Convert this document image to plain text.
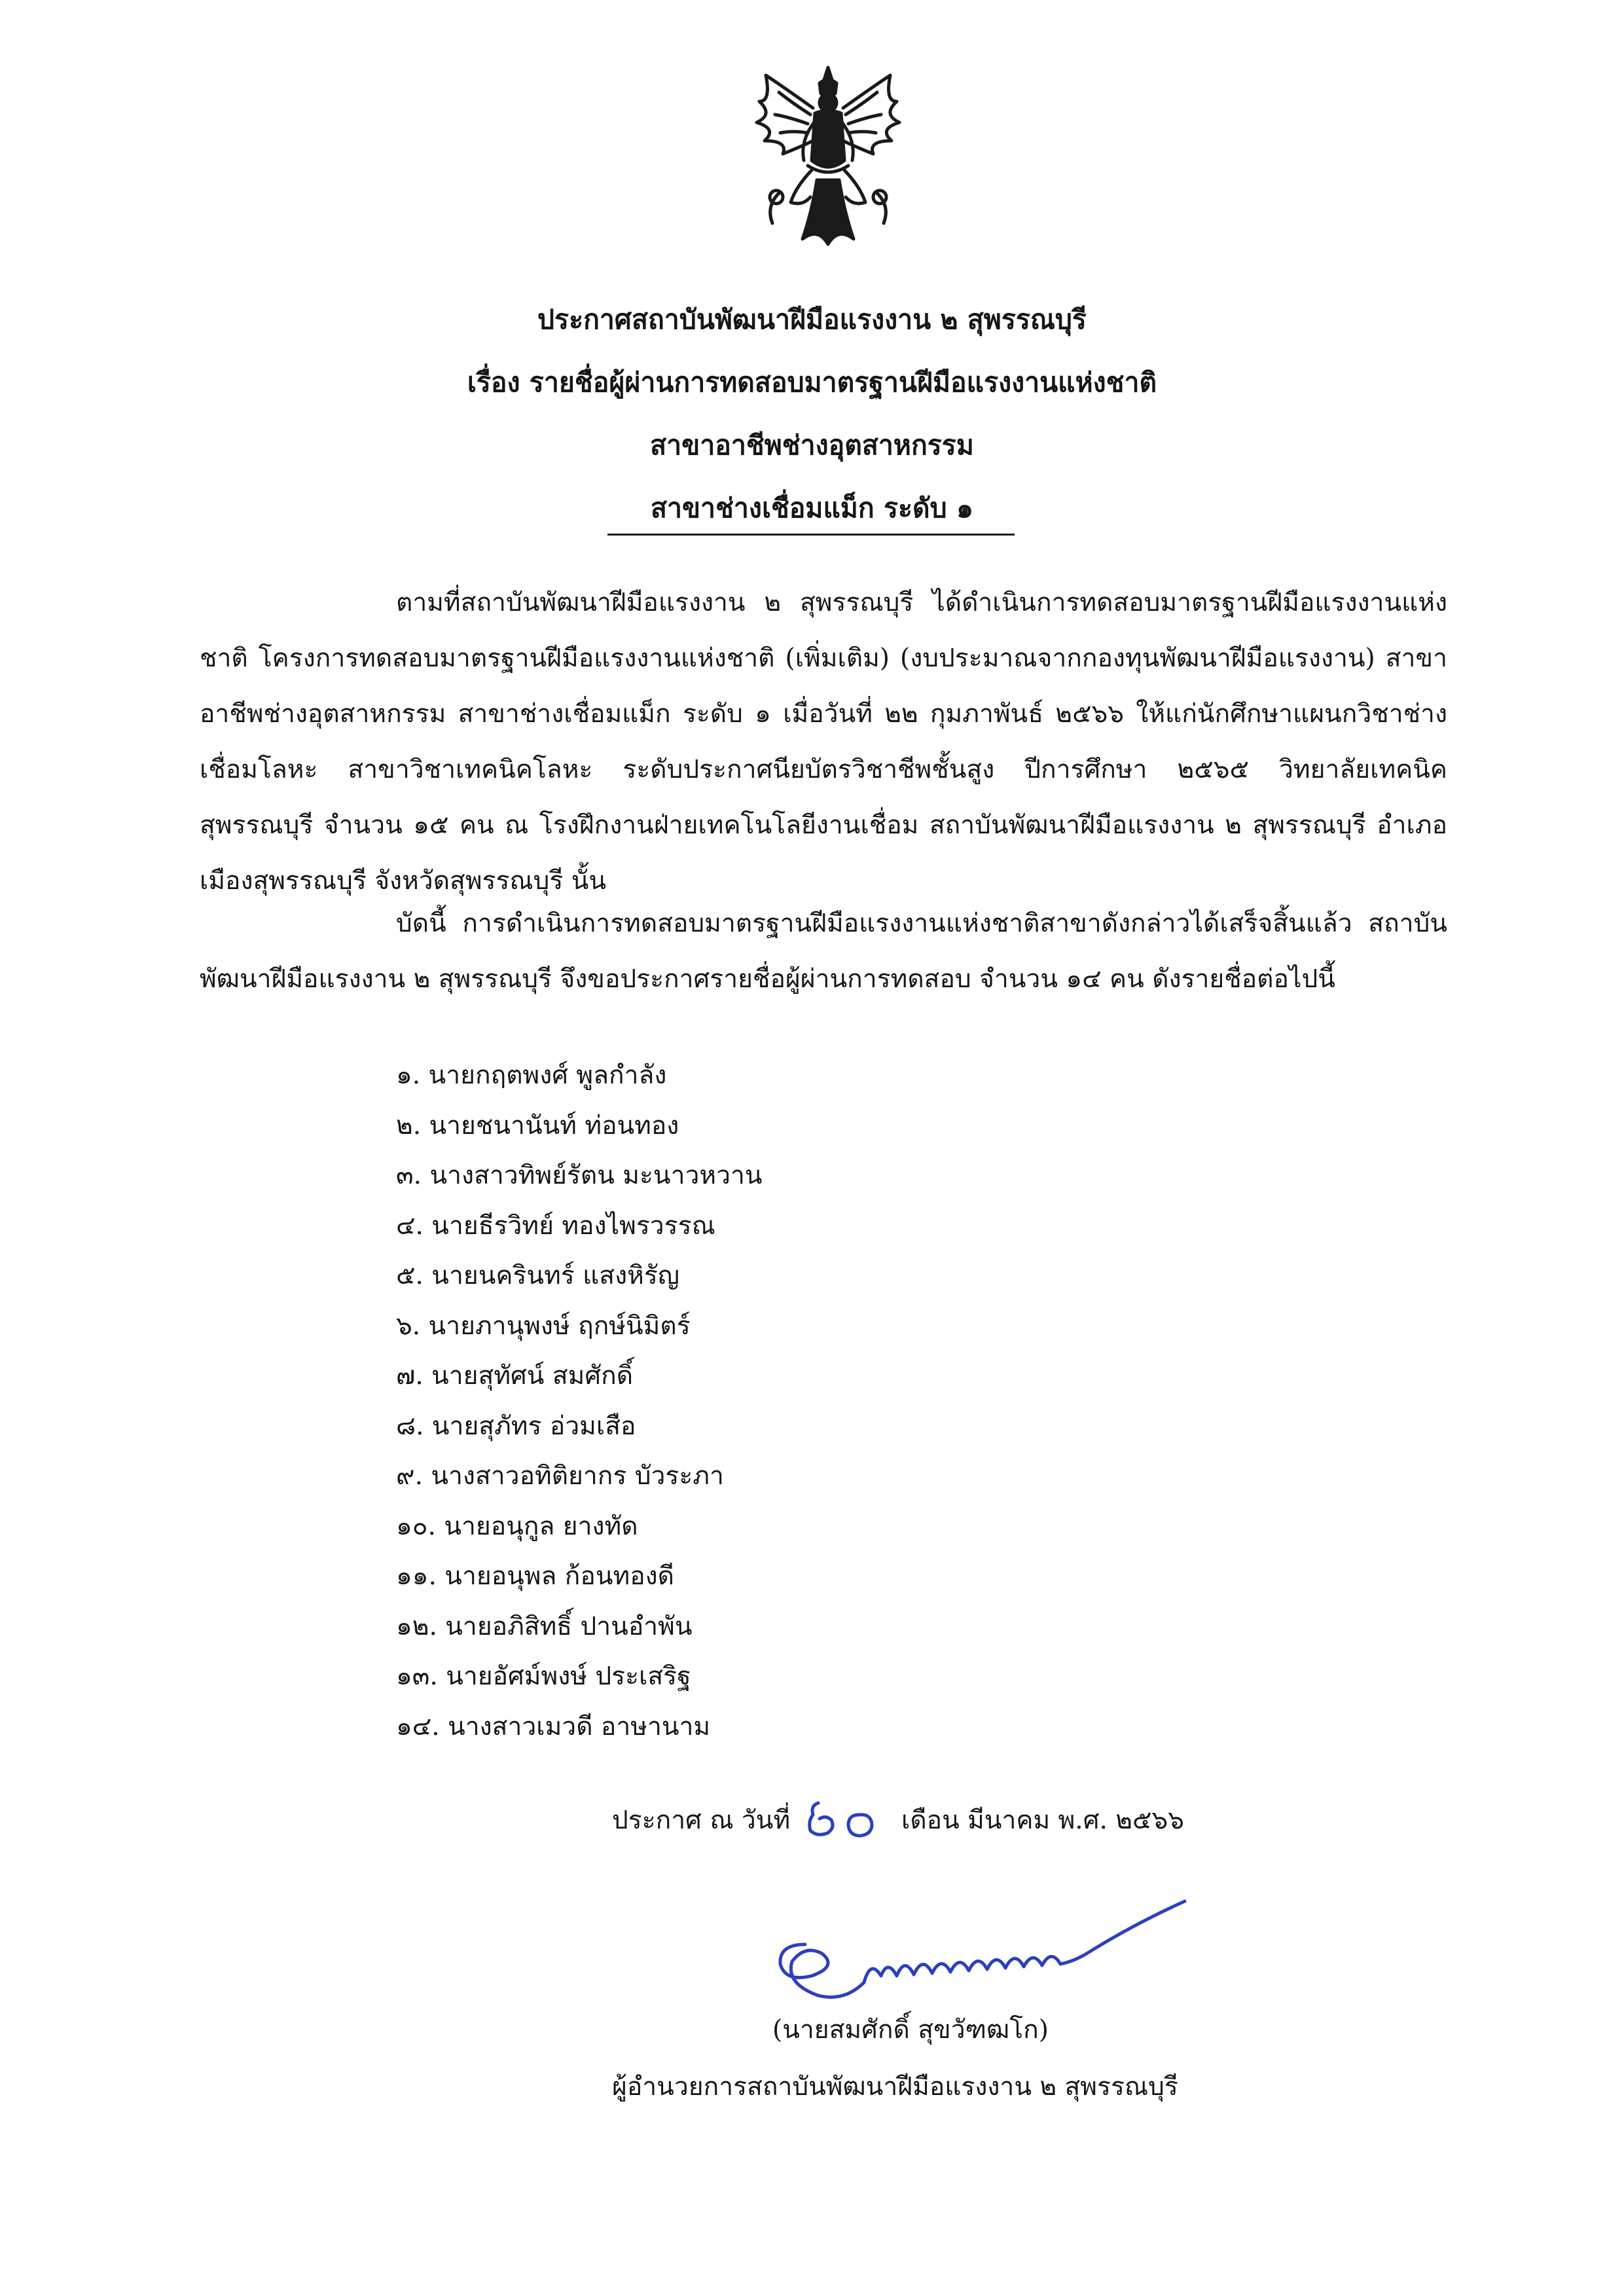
ประกาศสถาบันพัฒนาฝีมือแรงงาน ๒ สุพรรณบุรี
เรื่อง รายชื่อผู้ผ่านการทดสอบมาตรฐานฝีมือแรงงานแห่งชาติ
สาขาอาชีพช่างอุตสาหกรรม
สาขาช่างเชื่อมแม็ก ระดับ ๑

ตามที่สถาบันพัฒนาฝีมือแรงงาน ๒ สุพรรณบุรี ได้ดำเนินการทดสอบมาตรฐานฝีมือแรงงานแห่งชาติ โครงการทดสอบมาตรฐานฝีมือแรงงานแห่งชาติ (เพิ่มเติม) (งบประมาณจากกองทุนพัฒนาฝีมือแรงงาน) สาขาอาชีพช่างอุตสาหกรรม สาขาช่างเชื่อมแม็ก ระดับ ๑ เมื่อวันที่ ๒๒ กุมภาพันธ์ ๒๕๖๖ ให้แก่นักศึกษาแผนกวิชาช่างเชื่อมโลหะ สาขาวิชาเทคนิคโลหะ ระดับประกาศนียบัตรวิชาชีพชั้นสูง ปีการศึกษา ๒๕๖๕ วิทยาลัยเทคนิคสุพรรณบุรี จำนวน ๑๕ คน ณ โรงฝึกงานฝ่ายเทคโนโลยีงานเชื่อม สถาบันพัฒนาฝีมือแรงงาน ๒ สุพรรณบุรี อำเภอเมืองสุพรรณบุรี จังหวัดสุพรรณบุรี นั้น

บัดนี้ การดำเนินการทดสอบมาตรฐานฝีมือแรงงานแห่งชาติสาขาดังกล่าวได้เสร็จสิ้นแล้ว สถาบันพัฒนาฝีมือแรงงาน ๒ สุพรรณบุรี จึงขอประกาศรายชื่อผู้ผ่านการทดสอบ จำนวน ๑๔ คน ดังรายชื่อต่อไปนี้

๑. นายกฤตพงศ์ พูลกำลัง
๒. นายชนานันท์ ท่อนทอง
๓. นางสาวทิพย์รัตน มะนาวหวาน
๔. นายธีรวิทย์ ทองไพรวรรณ
๕. นายนครินทร์ แสงหิรัญ
๖. นายภานุพงษ์ ฤกษ์นิมิตร์
๗. นายสุทัศน์ สมศักดิ์
๘. นายสุภัทร อ่วมเสือ
๙. นางสาวอทิติยากร บัวระภา
๑๐. นายอนุกูล ยางทัด
๑๑. นายอนุพล ก้อนทองดี
๑๒. นายอภิสิทธิ์ ปานอำพัน
๑๓. นายอัศม์พงษ์ ประเสริฐ
๑๔. นางสาวเมวดี อาษานาม
ประกาศ ณ วันที่	เดือน มีนาคม พ.ศ. ๒๕๖๖
(นายสมศักดิ์ สุขวัฑฒโก)
ผู้อำนวยการสถาบันพัฒนาฝีมือแรงงาน ๒ สุพรรณบุรี
